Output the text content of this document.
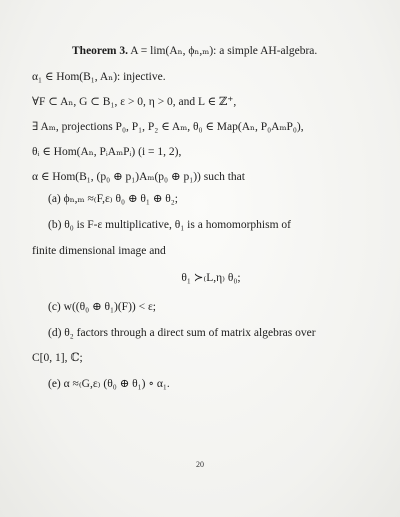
Theorem 3. A = lim(Aₙ, ϕₙ,ₘ): a simple AH-algebra.
α₁ ∈ Hom(B₁, Aₙ): injective.
∀F ⊂ Aₙ, G ⊂ B₁, ε > 0, η > 0, and L ∈ ℤ⁺,
∃ Aₘ, projections P₀, P₁, P₂ ∈ Aₘ, θ₀ ∈ Map(Aₙ, P₀AₘP₀),
θᵢ ∈ Hom(Aₙ, PᵢAₘPᵢ) (i = 1, 2),
α ∈ Hom(B₁, (p₀ ⊕ p₁)Aₘ(p₀ ⊕ p₁)) such that
(a) ϕₙ,ₘ ≈₍F,ε₎ θ₀ ⊕ θ₁ ⊕ θ₂;
(b) θ₀ is F-ε multiplicative, θ₁ is a homomorphism of
finite dimensional image and
θ₁ ≻₍L,η₎ θ₀;
(c) w((θ₀ ⊕ θ₁)(F)) < ε;
(d) θ₂ factors through a direct sum of matrix algebras over
C[0, 1], ℂ;
(e) α ≈₍G,ε₎ (θ₀ ⊕ θ₁) ∘ α₁.
20
